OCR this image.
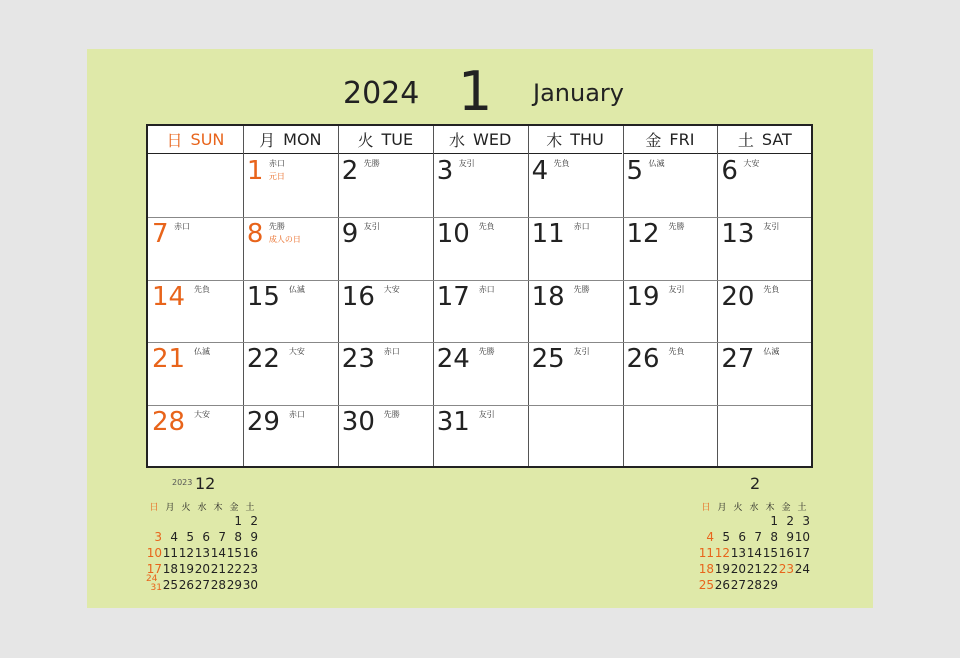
2024 1 January
日 SUN 月 MON 火 TUE 水 WED 木 THU	金 FRI	土 SAT
1 赤口
元日 2 先勝 3 友引 4 先負 5 仏滅 6 大安
7 赤口 8 先勝
成人の日 9 友引 10 先負 11 赤口 12 先勝 13 友引
14 先負 15 仏滅 16 大安 17 赤口 18 先勝 19 友引 20 先負
21 仏滅 22 大安 23 赤口 24 先勝 25 友引 26 先負 27 仏滅
28 大安 29 赤口 30 先勝 31 友引
2023 12
日 月 火 水 木 金 土
1 2
3 4 5 6 7 8 9
10 11 12 13 14 15 16
17 18 19 20 21 22 23
24
31 25 26 27 28 29 30
2
日 月 火 水 木 金 土
1 2 3
4 5 6 7 8 9 10
11 12 13 14 15 16 17
18 19 20 21 22 23 24
25 26 27 28 29
